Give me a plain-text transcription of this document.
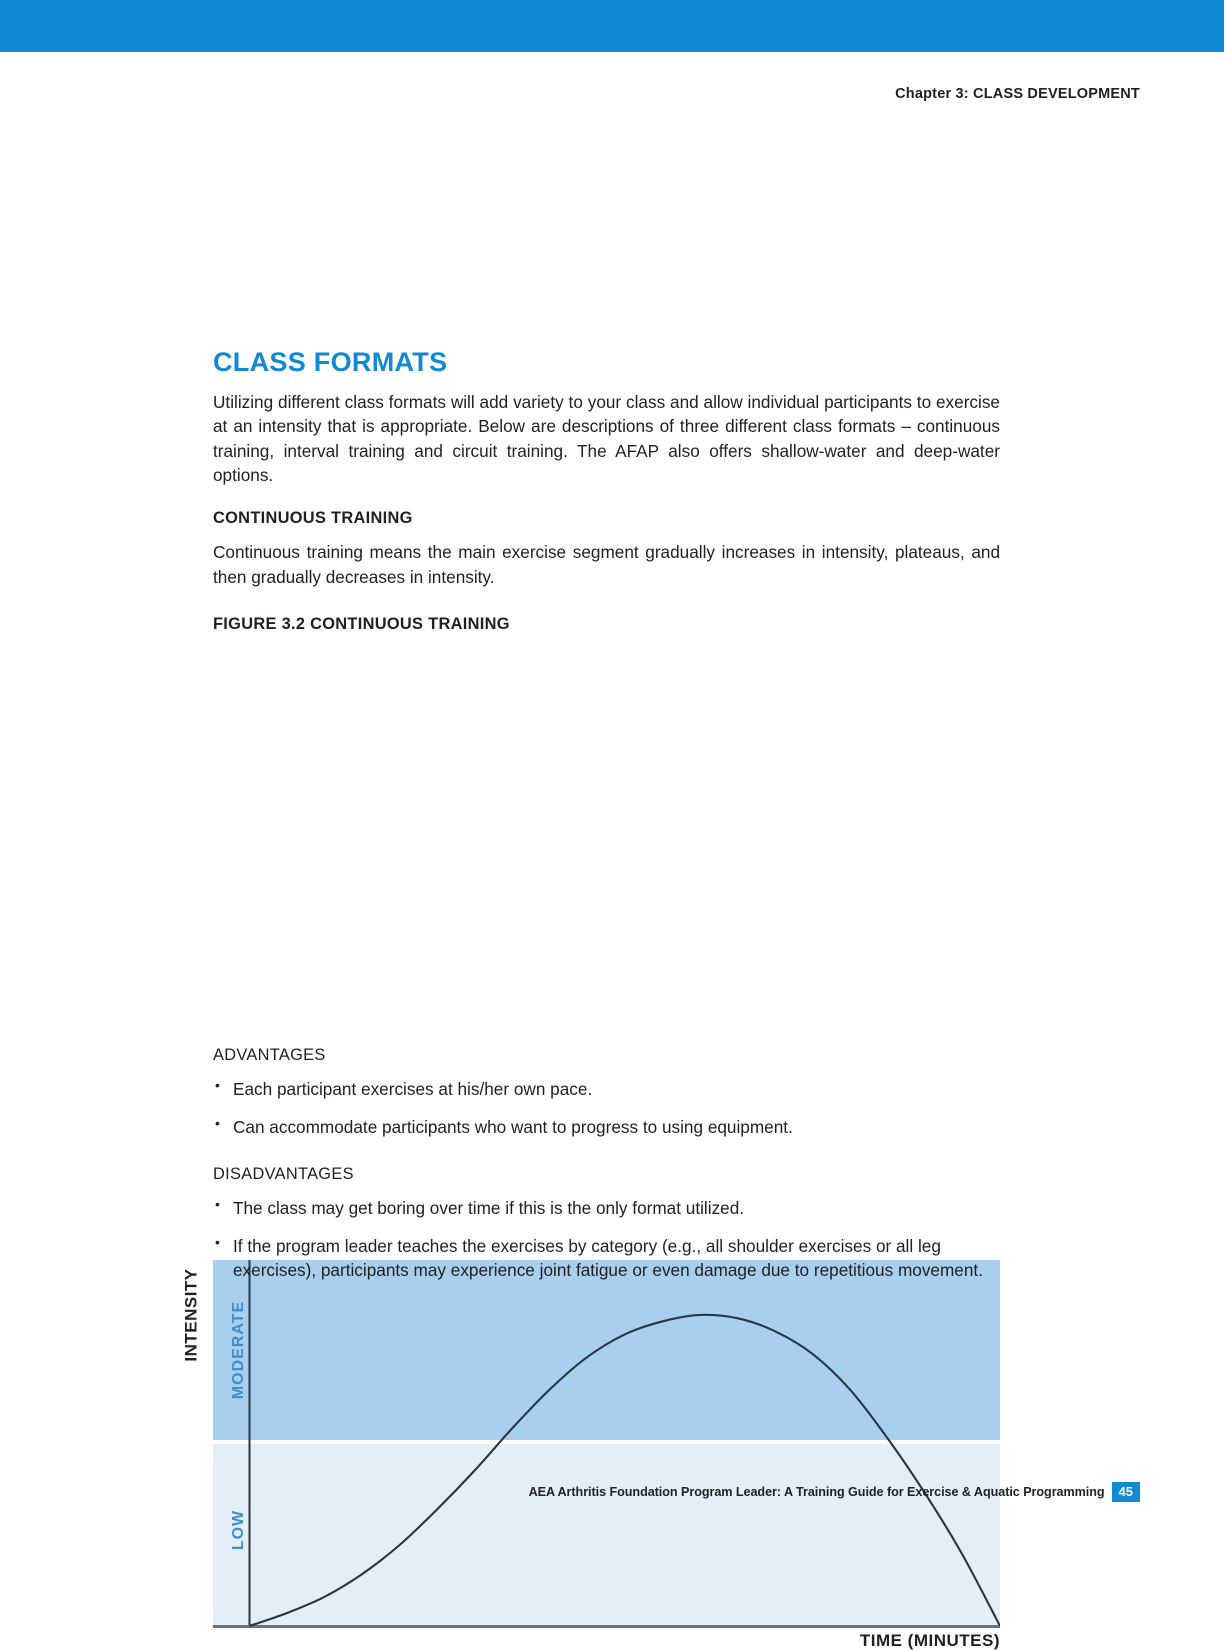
Chapter 3: CLASS DEVELOPMENT
CLASS FORMATS

Utilizing different class formats will add variety to your class and allow individual participants to exercise at an intensity that is appropriate. Below are descriptions of three different class formats – continuous training, interval training and circuit training. The AFAP also offers shallow-water and deep-water options.

CONTINUOUS TRAINING

Continuous training means the main exercise segment gradually increases in intensity, plateaus, and then gradually decreases in intensity.

FIGURE 3.2 CONTINUOUS TRAINING
INTENSITY MODERATE
LOW
TIME (MINUTES)
ADVANTAGES
• Each participant exercises at his/her own pace.
• Can accommodate participants who want to progress to using equipment.
DISADVANTAGES
• The class may get boring over time if this is the only format utilized.
• If the program leader teaches the exercises by category (e.g., all shoulder exercises or all leg exercises), participants may experience joint fatigue or even damage due to repetitious movement.
AEA Arthritis Foundation Program Leader: A Training Guide for Exercise & Aquatic Programming	45
